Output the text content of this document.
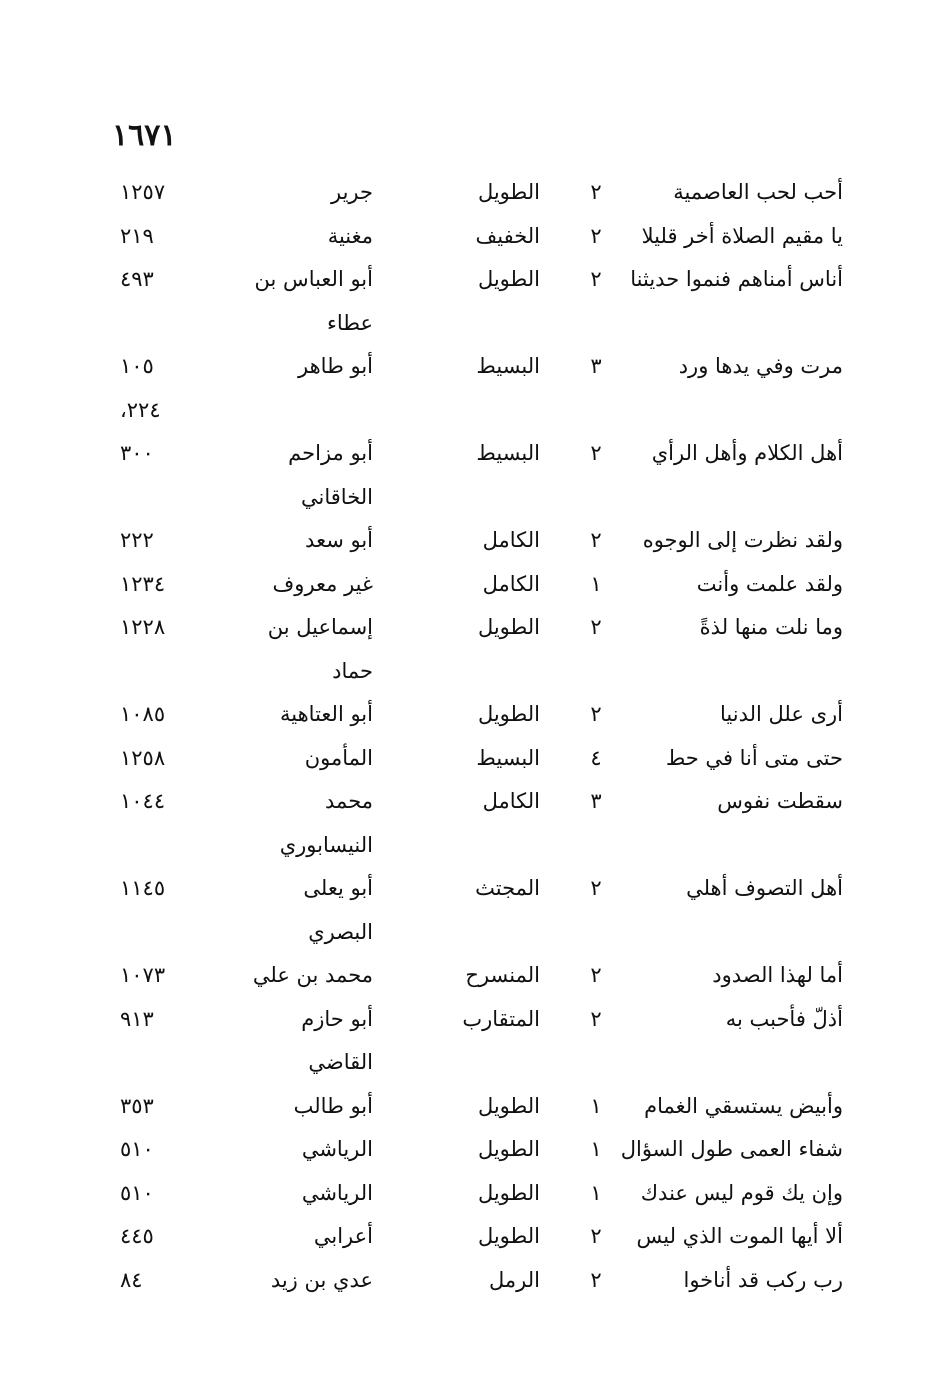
١٦٧١
أحب لحب العاصمية
٢
الطويل
جرير
١٢٥٧
يا مقيم الصلاة أخر قليلا
٢
الخفيف
مغنية
٢١٩
أناس أمناهم فنموا حديثنا
٢
الطويل
أبو العباس بن
٤٩٣
عطاء
مرت وفي يدها ورد
٣
البسيط
أبو طاهر
١٠٥
٢٢٤،
أهل الكلام وأهل الرأي
٢
البسيط
أبو مزاحم
٣٠٠
الخاقاني
ولقد نظرت إلى الوجوه
٢
الكامل
أبو سعد
٢٢٢
ولقد علمت وأنت
١
الكامل
غير معروف
١٢٣٤
وما نلت منها لذةً
٢
الطويل
إسماعيل بن
١٢٢٨
حماد
أرى علل الدنيا
٢
الطويل
أبو العتاهية
١٠٨٥
حتى متى أنا في حط
٤
البسيط
المأمون
١٢٥٨
سقطت نفوس
٣
الكامل
محمد
١٠٤٤
النيسابوري
أهل التصوف أهلي
٢
المجتث
أبو يعلى
١١٤٥
البصري
أما لهذا الصدود
٢
المنسرح
محمد بن علي
١٠٧٣
أذلّ فأحبب به
٢
المتقارب
أبو حازم
٩١٣
القاضي
وأبيض يستسقي الغمام
١
الطويل
أبو طالب
٣٥٣
شفاء العمى طول السؤال
١
الطويل
الرياشي
٥١٠
وإن يك قوم ليس عندك
١
الطويل
الرياشي
٥١٠
ألا أيها الموت الذي ليس
٢
الطويل
أعرابي
٤٤٥
رب ركب قد أناخوا
٢
الرمل
عدي بن زيد
٨٤
